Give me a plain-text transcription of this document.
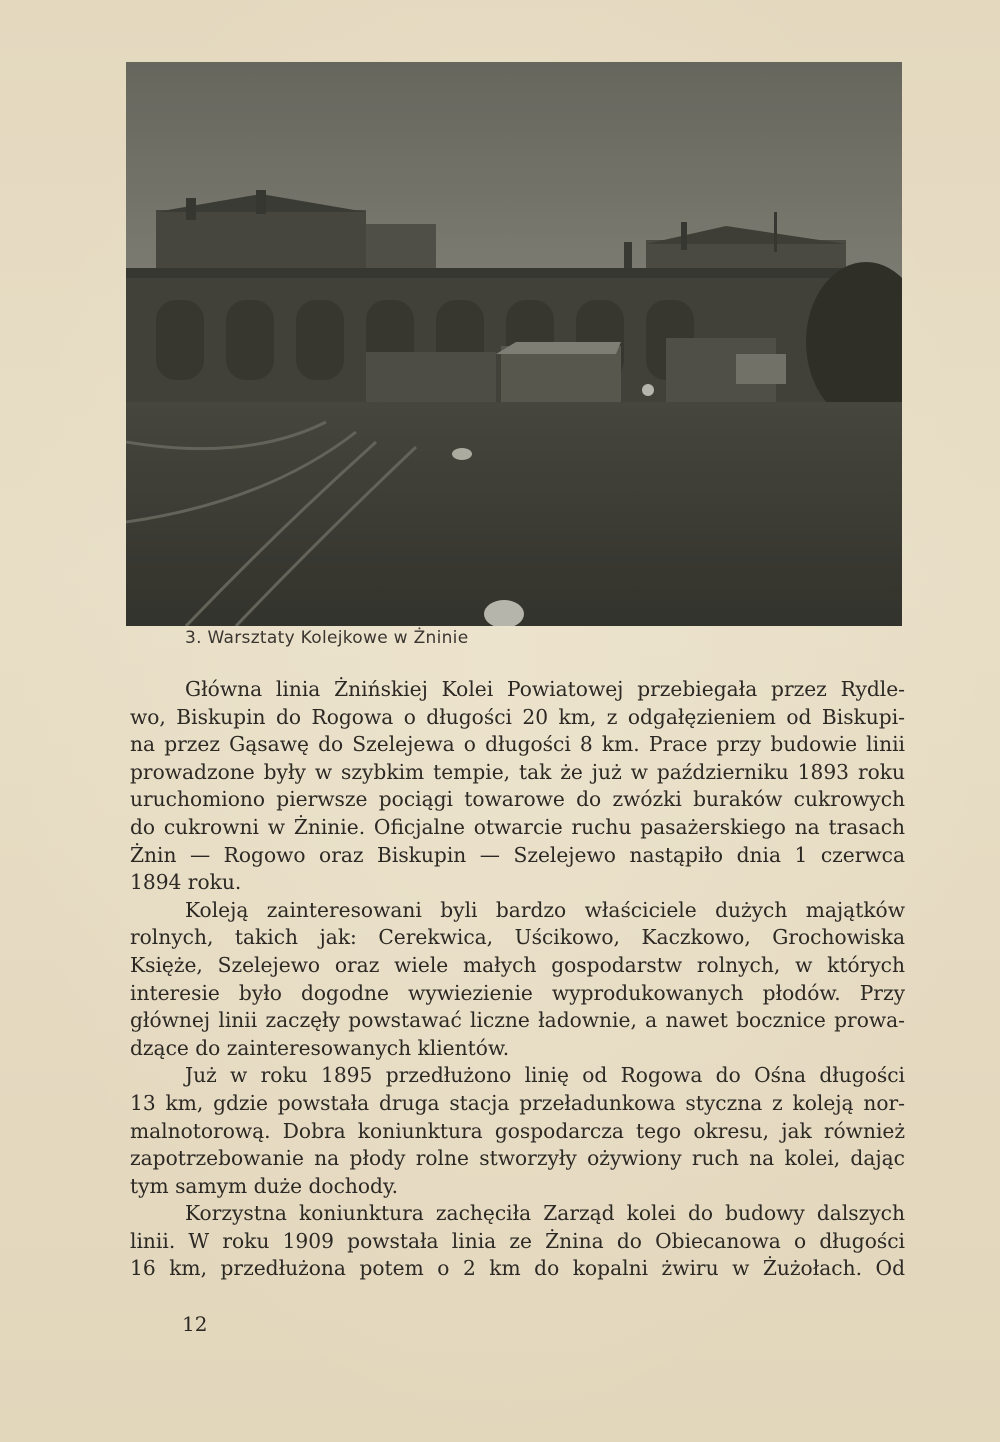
3. Warsztaty Kolejkowe w Żninie

Główna linia Żnińskiej Kolei Powiatowej przebiegała przez Rydle-
wo, Biskupin do Rogowa o długości 20 km, z odgałęzieniem od Biskupi-
na przez Gąsawę do Szelejewa o długości 8 km. Prace przy budowie linii
prowadzone były w szybkim tempie, tak że już w październiku 1893 roku
uruchomiono pierwsze pociągi towarowe do zwózki buraków cukrowych
do cukrowni w Żninie. Oficjalne otwarcie ruchu pasażerskiego na trasach
Żnin — Rogowo oraz Biskupin — Szelejewo nastąpiło dnia 1 czerwca
1894 roku.

Koleją zainteresowani byli bardzo właściciele dużych majątków
rolnych, takich jak: Cerekwica, Uścikowo, Kaczkowo, Grochowiska
Księże, Szelejewo oraz wiele małych gospodarstw rolnych, w których
interesie było dogodne wywiezienie wyprodukowanych płodów. Przy
głównej linii zaczęły powstawać liczne ładownie, a nawet bocznice prowa-
dzące do zainteresowanych klientów.

Już w roku 1895 przedłużono linię od Rogowa do Ośna długości
13 km, gdzie powstała druga stacja przeładunkowa styczna z koleją nor-
malnotorową. Dobra koniunktura gospodarcza tego okresu, jak również
zapotrzebowanie na płody rolne stworzyły ożywiony ruch na kolei, dając
tym samym duże dochody.

Korzystna koniunktura zachęciła Zarząd kolei do budowy dalszych
linii. W roku 1909 powstała linia ze Żnina do Obiecanowa o długości
16 km, przedłużona potem o 2 km do kopalni żwiru w Żużołach. Od

12
